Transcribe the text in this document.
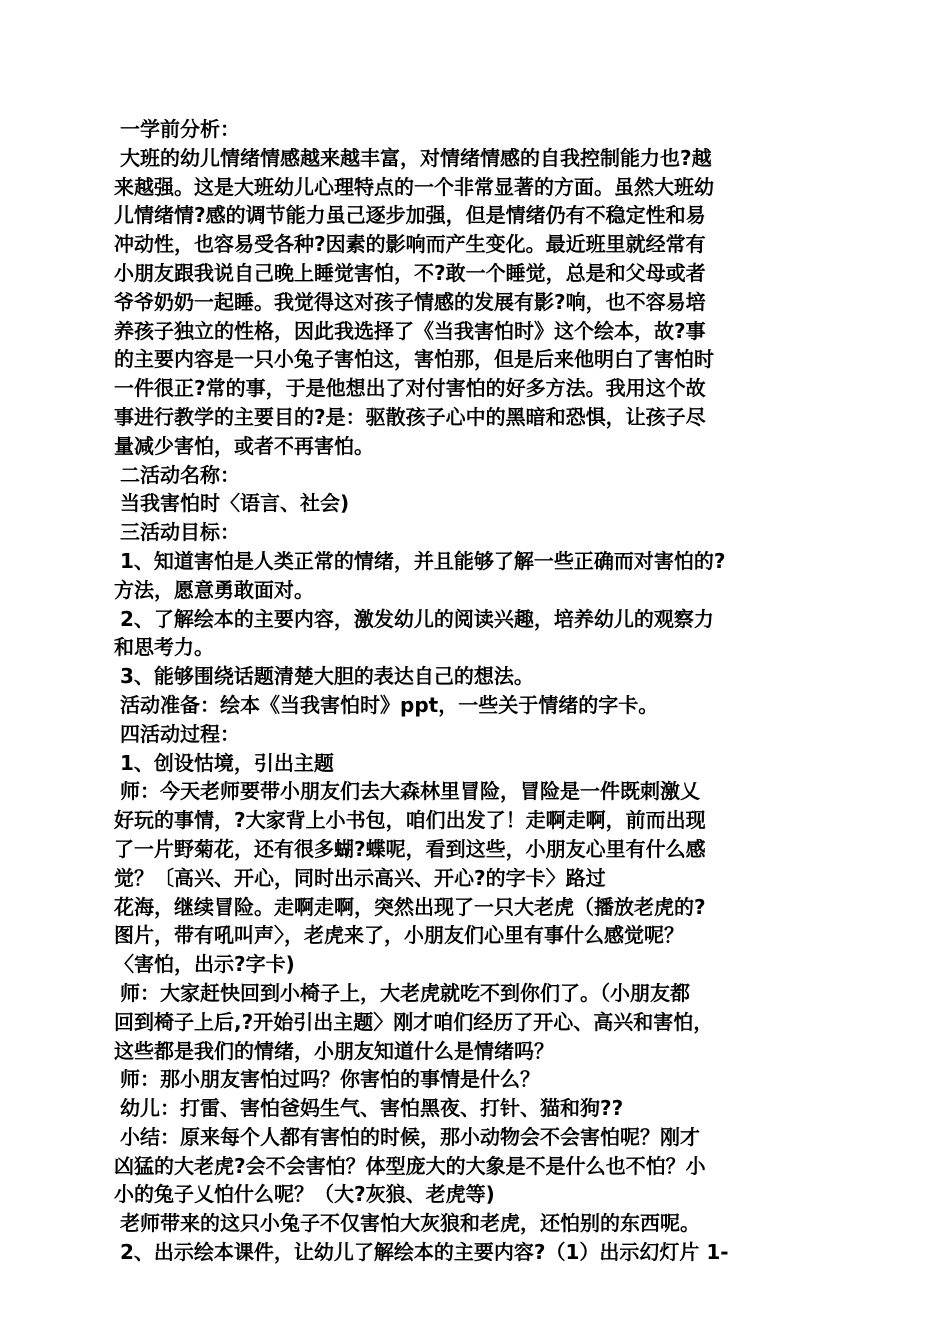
一学前分析：
大班的幼儿情绪情感越来越丰富，对情绪情感的自我控制能力也?越
来越强。这是大班幼儿心理特点的一个非常显著的方面。虽然大班幼
儿情绪情?感的调节能力虽己逐步加强，但是情绪仍有不稳定性和易
冲动性，也容易受各种?因素的影响而产生变化。最近班里就经常有
小朋友跟我说自己晚上睡觉害怕，不?敢一个睡觉，总是和父母或者
爷爷奶奶一起睡。我觉得这对孩子情感的发展有影?响，也不容易培
养孩子独立的性格，因此我选择了《当我害怕时》这个绘本，故?事
的主要内容是一只小兔子害怕这，害怕那，但是后来他明白了害怕时
一件很正?常的事，于是他想出了对付害怕的好多方法。我用这个故
事进行教学的主要目的?是：驱散孩子心中的黑暗和恐惧，让孩子尽
量减少害怕，或者不再害怕。
二活动名称：
当我害怕时〈语言、社会)
三活动目标：
1、知道害怕是人类正常的情绪，并且能够了解一些正确而对害怕的?
方法，愿意勇敢面对。
2、了解绘本的主要内容，激发幼儿的阅读兴趣，培养幼儿的观察力
和思考力。
3、能够围绕话题清楚大胆的表达自己的想法。
活动准备：绘本《当我害怕时》ppt，一些关于情绪的字卡。
四活动过程：
1、创设怙境，引出主题
师：今天老师要带小朋友们去大森林里冒险，冒险是一件既刺激乂
好玩的事情，?大家背上小书包，咱们出发了！走啊走啊，前而出现
了一片野菊花，还有很多蝴?蝶呢，看到这些，小朋友心里有什么感
觉？〔高兴、开心，同时出示高兴、开心?的字卡〉路过
花海，继续冒险。走啊走啊，突然出现了一只大老虎（播放老虎的?
图片，带有吼叫声〉，老虎来了，小朋友们心里有事什么感觉呢？
〈害怕，出示?字卡)
师：大家赶快回到小椅子上，大老虎就吃不到你们了。（小朋友都
回到椅子上后,?开始引出主题〉刚才咱们经历了开心、高兴和害怕，
这些都是我们的情绪，小朋友知道什么是情绪吗？
师：那小朋友害怕过吗？你害怕的事情是什么？
幼儿：打雷、害怕爸妈生气、害怕黑夜、打针、猫和狗??
小结：原来每个人都有害怕的时候，那小动物会不会害怕呢？刚才
凶猛的大老虎?会不会害怕？体型庞大的大象是不是什么也不怕？小
小的兔子乂怕什么呢？（大?灰狼、老虎等)
老师带来的这只小兔子不仅害怕大灰狼和老虎，还怕别的东西呢。
2、出示绘本课件，让幼儿了解绘本的主要内容?（1）出示幻灯片 1-
